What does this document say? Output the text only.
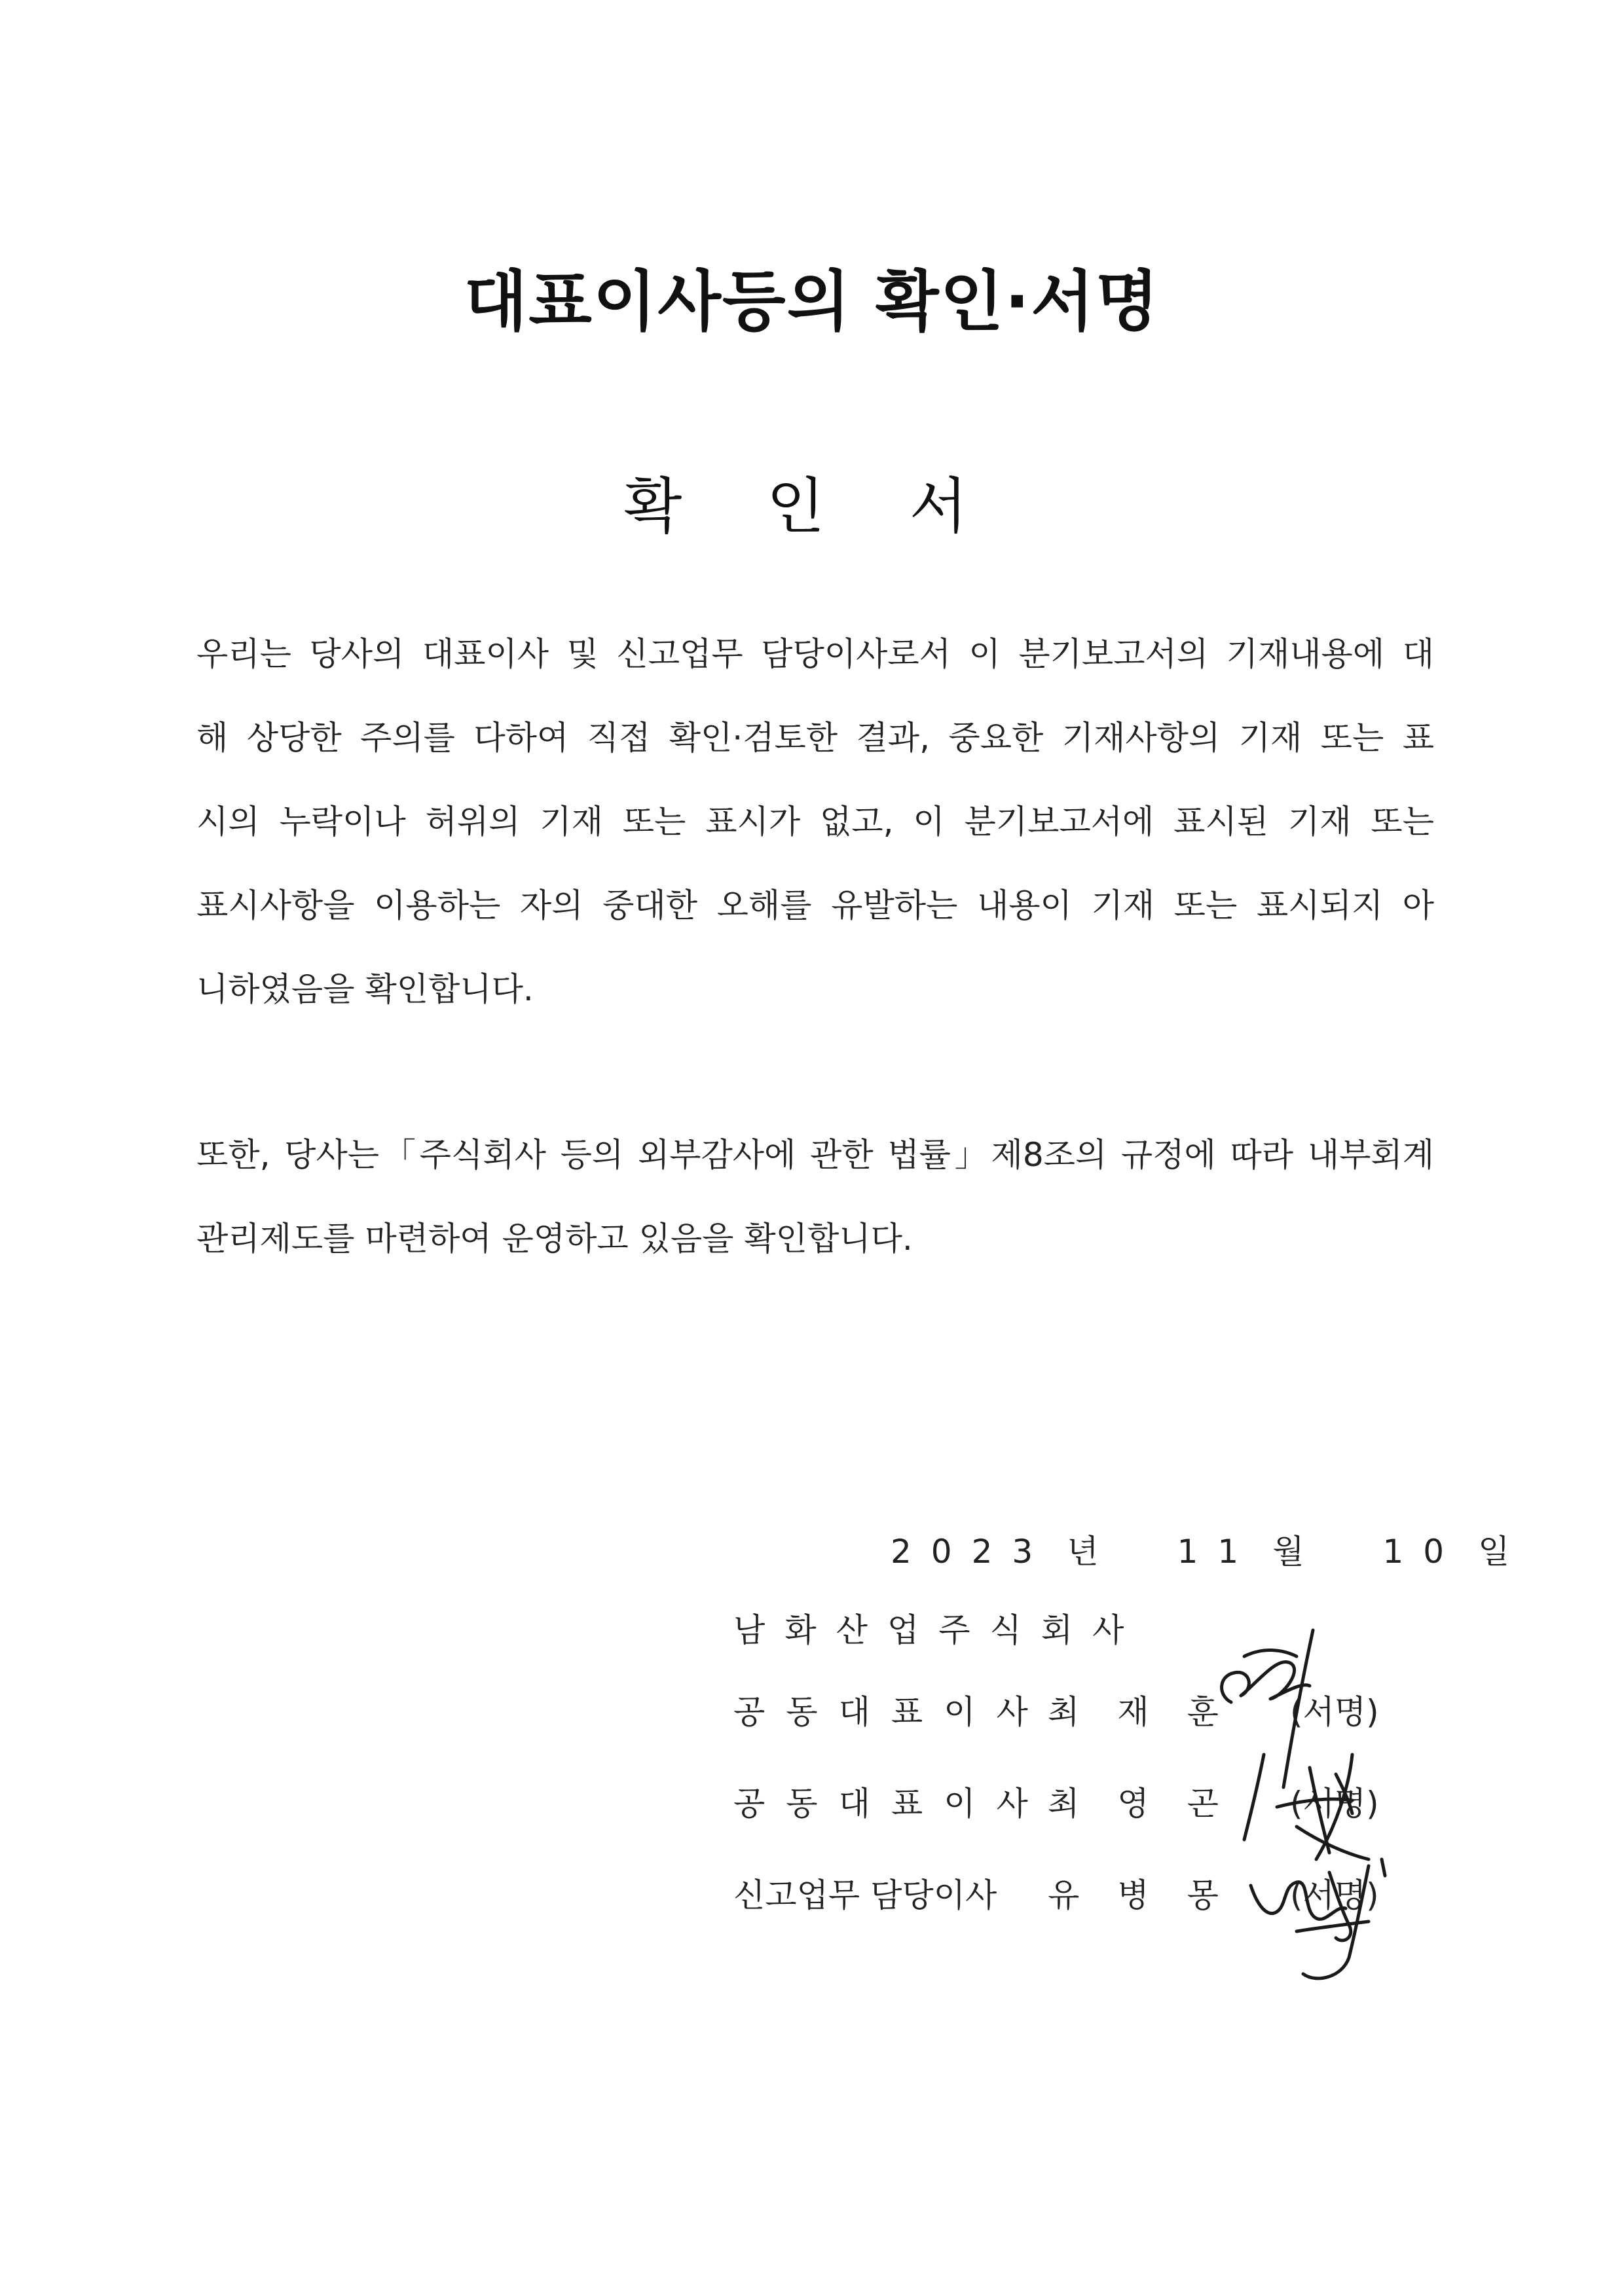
대표이사등의 확인·서명
확 인 서
우리는 당사의 대표이사 및 신고업무 담당이사로서 이 분기보고서의 기재내용에 대
해 상당한 주의를 다하여 직접 확인·검토한 결과, 중요한 기재사항의 기재 또는 표
시의 누락이나 허위의 기재 또는 표시가 없고, 이 분기보고서에 표시된 기재 또는
표시사항을 이용하는 자의 중대한 오해를 유발하는 내용이 기재 또는 표시되지 아
니하였음을 확인합니다.
또한, 당사는「주식회사 등의 외부감사에 관한 법률」제8조의 규정에 따라 내부회계
관리제도를 마련하여 운영하고 있음을 확인합니다.
2023 년 11 월 10 일
남화산업주식회사
공동대표이사
최재훈 (서명)
공동대표이사
최영곤 (서명)
신고업무 담당이사 유병몽 (서명)
